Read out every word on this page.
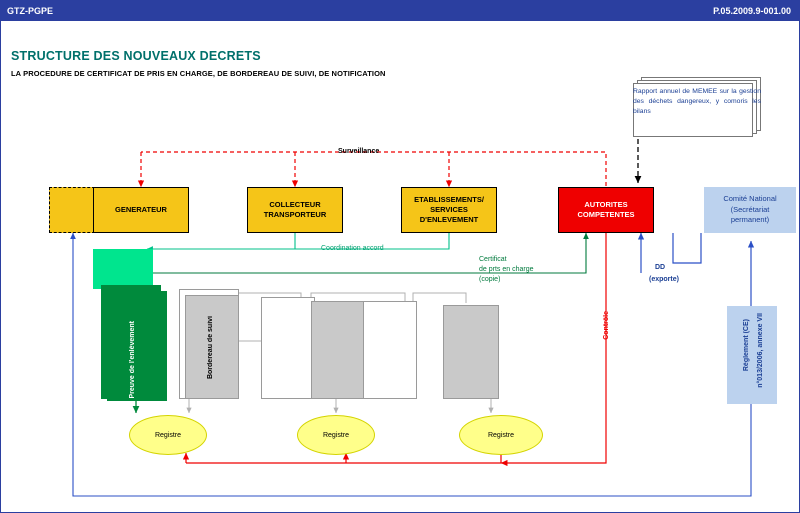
GTZ-PGPE	P.05.2009.9-001.00
STRUCTURE DES NOUVEAUX DECRETS
LA PROCEDURE DE CERTIFICAT DE PRIS EN CHARGE, DE BORDEREAU DE SUIVI, DE NOTIFICATION
Rapport annuel de MEMEE sur la gestion des déchets dangereux, y comoris les bilans
GENERATEUR
COLLECTEUR
TRANSPORTEUR
ETABLISSEMENTS/
SERVICES
D'ENLEVEMENT
AUTORITES
COMPETENTES
Comité National
(Secrétariat
permanent)
Preuve de l'enlèvement	Bordereau de suivi	Règlement (CE) n°013/2006, annexe VII
Registre	Registre	Registre
Surveillance
Coordination accord
Certificat
de prts en charge
(copie)
Contrôle
DD
(exporte)
